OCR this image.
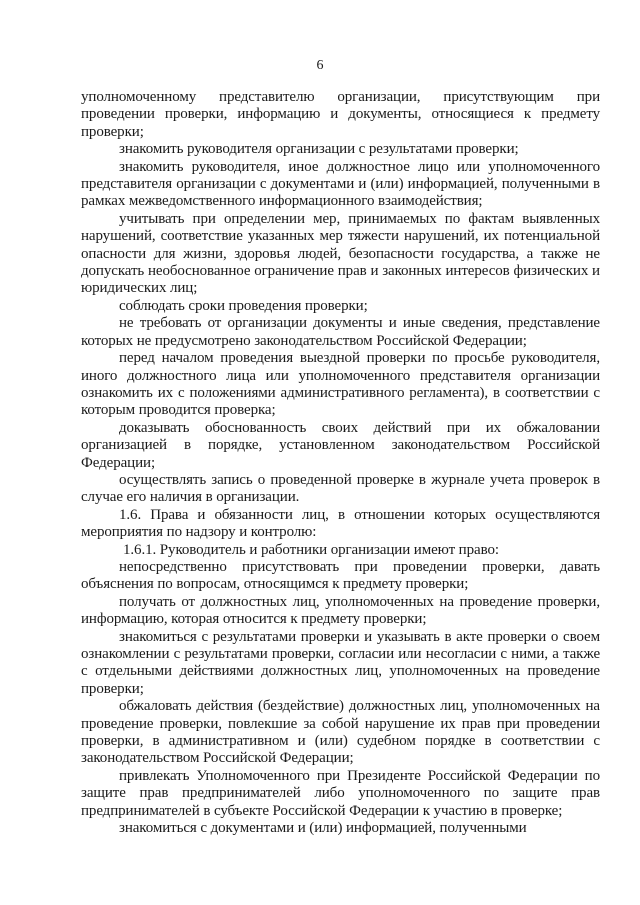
6

уполномоченному представителю организации, присутствующим при проведении проверки, информацию и документы, относящиеся к предмету проверки;

знакомить руководителя организации с результатами проверки;

знакомить руководителя, иное должностное лицо или уполномоченного представителя организации с документами и (или) информацией, полученными в рамках межведомственного информационного взаимодействия;

учитывать при определении мер, принимаемых по фактам выявленных нарушений, соответствие указанных мер тяжести нарушений, их потенциальной опасности для жизни, здоровья людей, безопасности государства, а также не допускать необоснованное ограничение прав и законных интересов физических и юридических лиц;

соблюдать сроки проведения проверки;

не требовать от организации документы и иные сведения, представление которых не предусмотрено законодательством Российской Федерации;

перед началом проведения выездной проверки по просьбе руководителя, иного должностного лица или уполномоченного представителя организации ознакомить их с положениями административного регламента), в соответствии с которым проводится проверка;

доказывать обоснованность своих действий при их обжаловании организацией в порядке, установленном законодательством Российской Федерации;

осуществлять запись о проведенной проверке в журнале учета проверок в случае его наличия в организации.

1.6. Права и обязанности лиц, в отношении которых осуществляются мероприятия по надзору и контролю:

1.6.1. Руководитель и работники организации имеют право:

непосредственно присутствовать при проведении проверки, давать объяснения по вопросам, относящимся к предмету проверки;

получать от должностных лиц, уполномоченных на проведение проверки, информацию, которая относится к предмету проверки;

знакомиться с результатами проверки и указывать в акте проверки о своем ознакомлении с результатами проверки, согласии или несогласии с ними, а также с отдельными действиями должностных лиц, уполномоченных на проведение проверки;

обжаловать действия (бездействие) должностных лиц, уполномоченных на проведение проверки, повлекшие за собой нарушение их прав при проведении проверки, в административном и (или) судебном порядке в соответствии с законодательством Российской Федерации;

привлекать Уполномоченного при Президенте Российской Федерации по защите прав предпринимателей либо уполномоченного по защите прав предпринимателей в субъекте Российской Федерации к участию в проверке;

знакомиться с документами и (или) информацией, полученными
